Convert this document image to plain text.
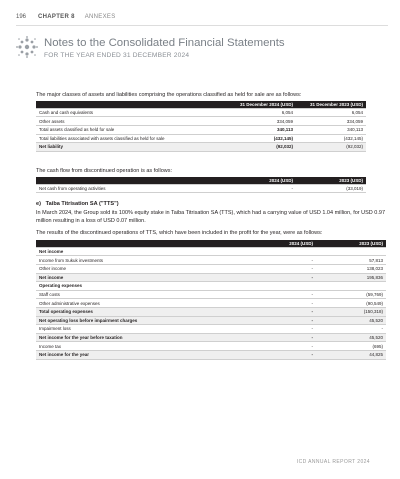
196 CHAPTER 8 ANNEXES
Notes to the Consolidated Financial Statements
FOR THE YEAR ENDED 31 DECEMBER 2024
The major classes of assets and liabilities comprising the operations classified as held for sale are as follows:
	31 December 2024 (USD)	31 December 2023 (USD)
Cash and cash equivalents	6,054	6,054
Other assets	334,059	334,059
Total assets classified as held for sale	340,113	340,113
Total liabilities associated with assets classified as held for sale	(432,145)	(432,145)
Net liability	(92,032)	(92,032)
The cash flow from discontinued operation is as follows:
	2024 (USD)	2023 (USD)
Net cash from operating activities	-	(33,019)
e) Taiba Titrisation SA ("TTS")
In March 2024, the Group sold its 100% equity stake in Taiba Titrisation SA (TTS), which had a carrying value of USD 1.04 million, for USD 0.97 million resulting in a loss of USD 0.07 million.
The results of the discontinued operations of TTS, which have been included in the profit for the year, were as follows:
	2024 (USD)	2023 (USD)
Net income		
Income from Sukuk investments	-	57,813
Other income	-	138,023
Net income	-	195,836
Operating expenses		
Staff costs	-	(59,769)
Other administrative expenses	-	(90,549)
Total operating expenses	-	(150,318)
Net operating loss before impairment charges	-	45,520
Impairment loss	-	-
Net income for the year before taxation	-	45,520
Income tax	-	(695)
Net income for the year	-	44,825
ICD ANNUAL REPORT 2024
